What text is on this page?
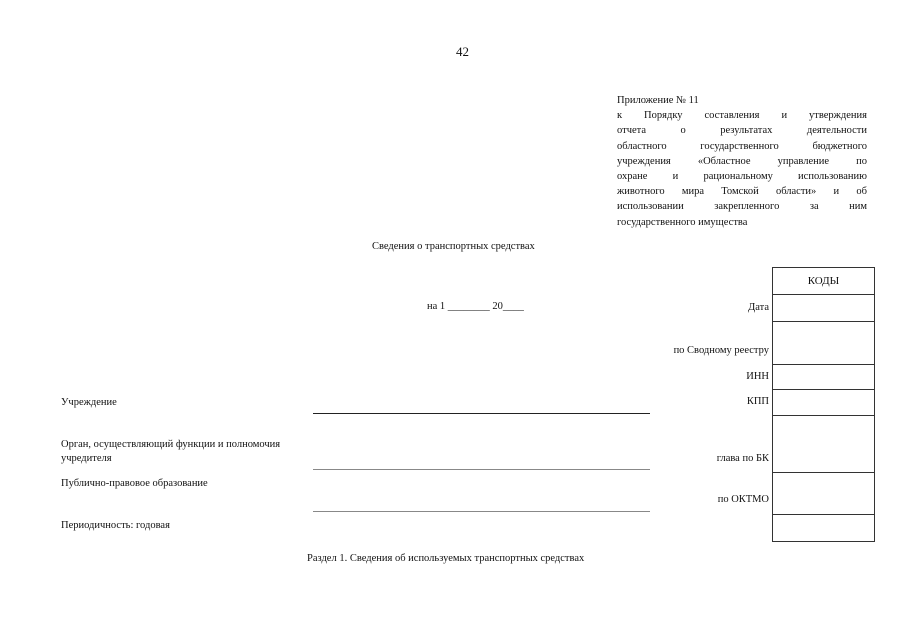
42
Приложение № 11
к Порядку составления и утверждения
отчета о результатах деятельности
областного государственного бюджетного
учреждения «Областное управление по
охране и рациональному использованию
животного мира Томской области» и об
использовании закрепленного за ним
государственного имущества
Сведения о транспортных средствах
на 1 ________ 20____
КОДЫ
Дата
по Сводному реестру
ИНН
КПП
глава по БК
по ОКТМО
Учреждение
Орган, осуществляющий функции и полномочия
учредителя
Публично-правовое образование
Периодичность: годовая
Раздел 1. Сведения об используемых транспортных средствах
